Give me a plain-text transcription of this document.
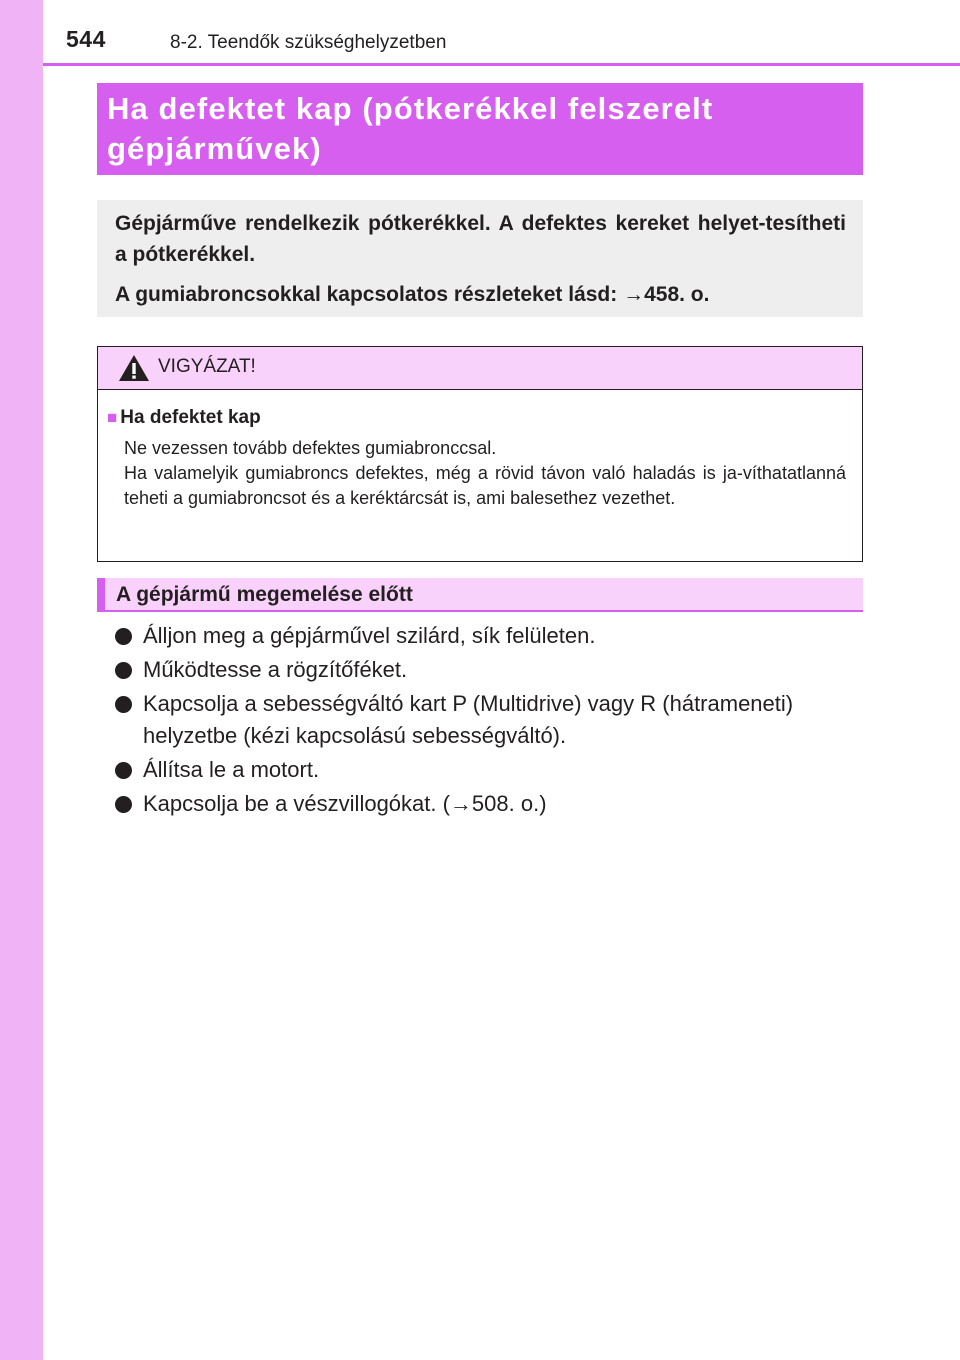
544	8-2. Teendők szükséghelyzetben
Ha defektet kap (pótkerékkel felszerelt
gépjárművek)
Gépjárműve rendelkezik pótkerékkel. A defektes kereket helyet-tesítheti a pótkerékkel.
A gumiabroncsokkal kapcsolatos részleteket lásd: →458. o.
VIGYÁZAT!
■ Ha defektet kap
Ne vezessen tovább defektes gumiabronccsal.
Ha valamelyik gumiabroncs defektes, még a rövid távon való haladás is ja-víthatatlanná teheti a gumiabroncsot és a keréktárcsát is, ami balesethez vezethet.
A gépjármű megemelése előtt
Álljon meg a gépjárművel szilárd, sík felületen.
Működtesse a rögzítőféket.
Kapcsolja a sebességváltó kart P (Multidrive) vagy R (hátrameneti) helyzetbe (kézi kapcsolású sebességváltó).
Állítsa le a motort.
Kapcsolja be a vészvillogókat. (→508. o.)
